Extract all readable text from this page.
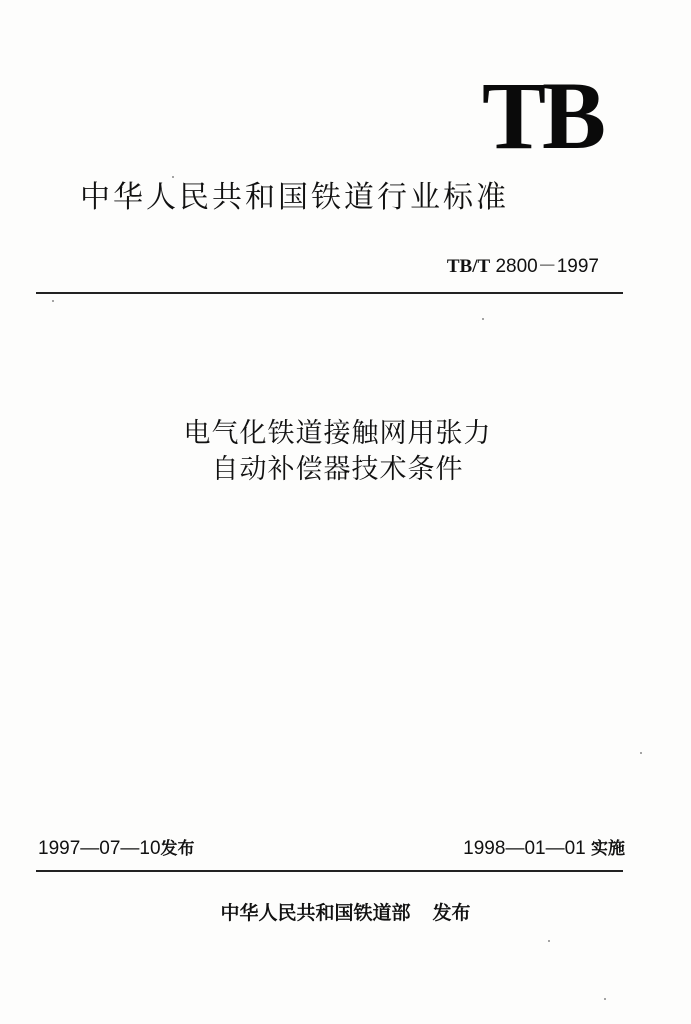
TB
中华人民共和国铁道行业标准
TB/T 2800－1997
电气化铁道接触网用张力
自动补偿器技术条件
1997—07—10发布	1998—01—01 实施
中华人民共和国铁道部 发布
